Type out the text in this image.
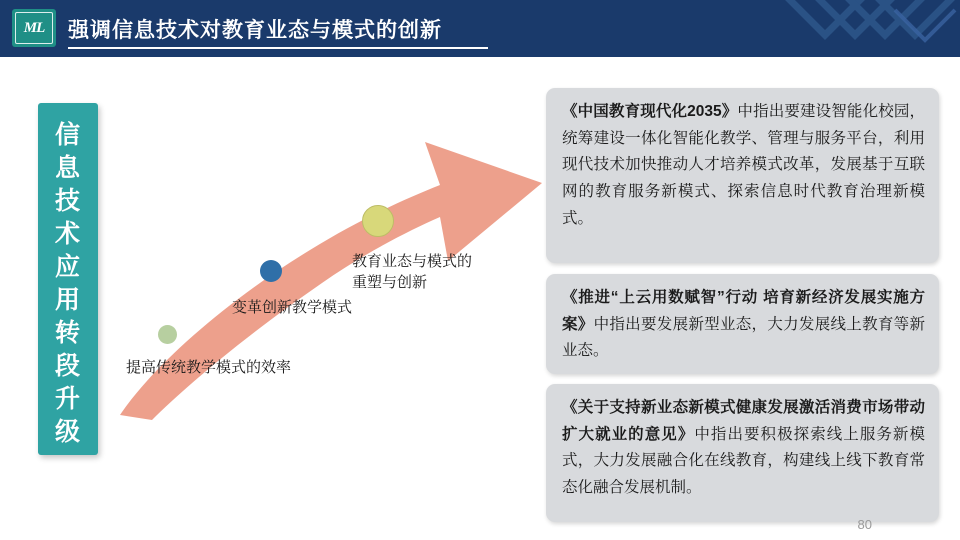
ML	强调信息技术对教育业态与模式的创新
信
息
技
术
应
用
转
段
升
级
提高传统教学模式的效率
变革创新教学模式
教育业态与模式的重塑与创新
《中国教育现代化2035》中指出要建设智能化校园，统筹建设一体化智能化教学、管理与服务平台，利用现代技术加快推动人才培养模式改革，发展基于互联网的教育服务新模式、探索信息时代教育治理新模式。
《推进“上云用数赋智”行动 培育新经济发展实施方案》中指出要发展新型业态，大力发展线上教育等新业态。
《关于支持新业态新模式健康发展激活消费市场带动扩大就业的意见》中指出要积极探索线上服务新模式，大力发展融合化在线教育，构建线上线下教育常态化融合发展机制。
80
